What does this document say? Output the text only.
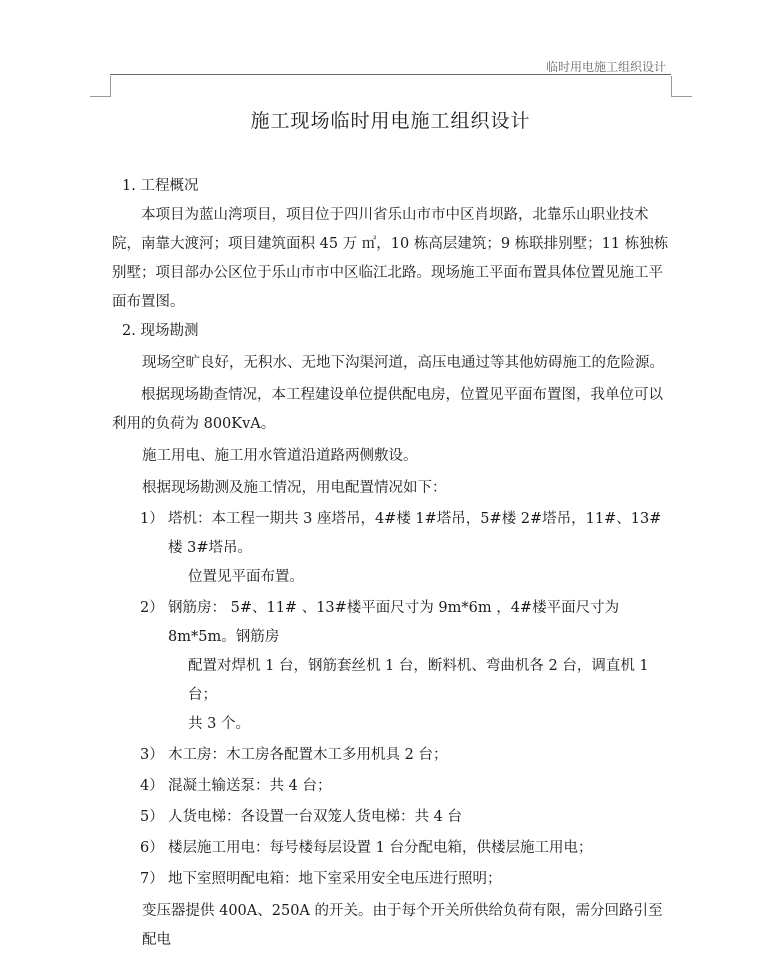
临时用电施工组织设计
施工现场临时用电施工组织设计

1. 工程概况

本项目为蓝山湾项目，项目位于四川省乐山市市中区肖坝路，北靠乐山职业技术院，南靠大渡河；项目建筑面积 45 万 ㎡，10 栋高层建筑；9 栋联排别墅；11 栋独栋别墅；项目部办公区位于乐山市市中区临江北路。现场施工平面布置具体位置见施工平面布置图。

2. 现场勘测

现场空旷良好，无积水、无地下沟渠河道，高压电通过等其他妨碍施工的危险源。

根据现场勘查情况，本工程建设单位提供配电房，位置见平面布置图，我单位可以利用的负荷为 800KvA。

施工用电、施工用水管道沿道路两侧敷设。

根据现场勘测及施工情况，用电配置情况如下：

1） 塔机：本工程一期共 3 座塔吊，4#楼 1#塔吊，5#楼 2#塔吊，11#、13#楼 3#塔吊。
位置见平面布置。
2） 钢筋房： 5#、11# 、13#楼平面尺寸为 9m*6m ，4#楼平面尺寸为 8m*5m。钢筋房
配置对焊机 1 台，钢筋套丝机 1 台，断料机、弯曲机各 2 台，调直机 1 台；
共 3 个。
3） 木工房：木工房各配置木工多用机具 2 台；
4） 混凝土输送泵：共 4 台；
5） 人货电梯：各设置一台双笼人货电梯：共 4 台
6） 楼层施工用电：每号楼每层设置 1 台分配电箱，供楼层施工用电；
7） 地下室照明配电箱：地下室采用安全电压进行照明；

变压器提供 400A、250A 的开关。由于每个开关所供给负荷有限，需分回路引至配电
